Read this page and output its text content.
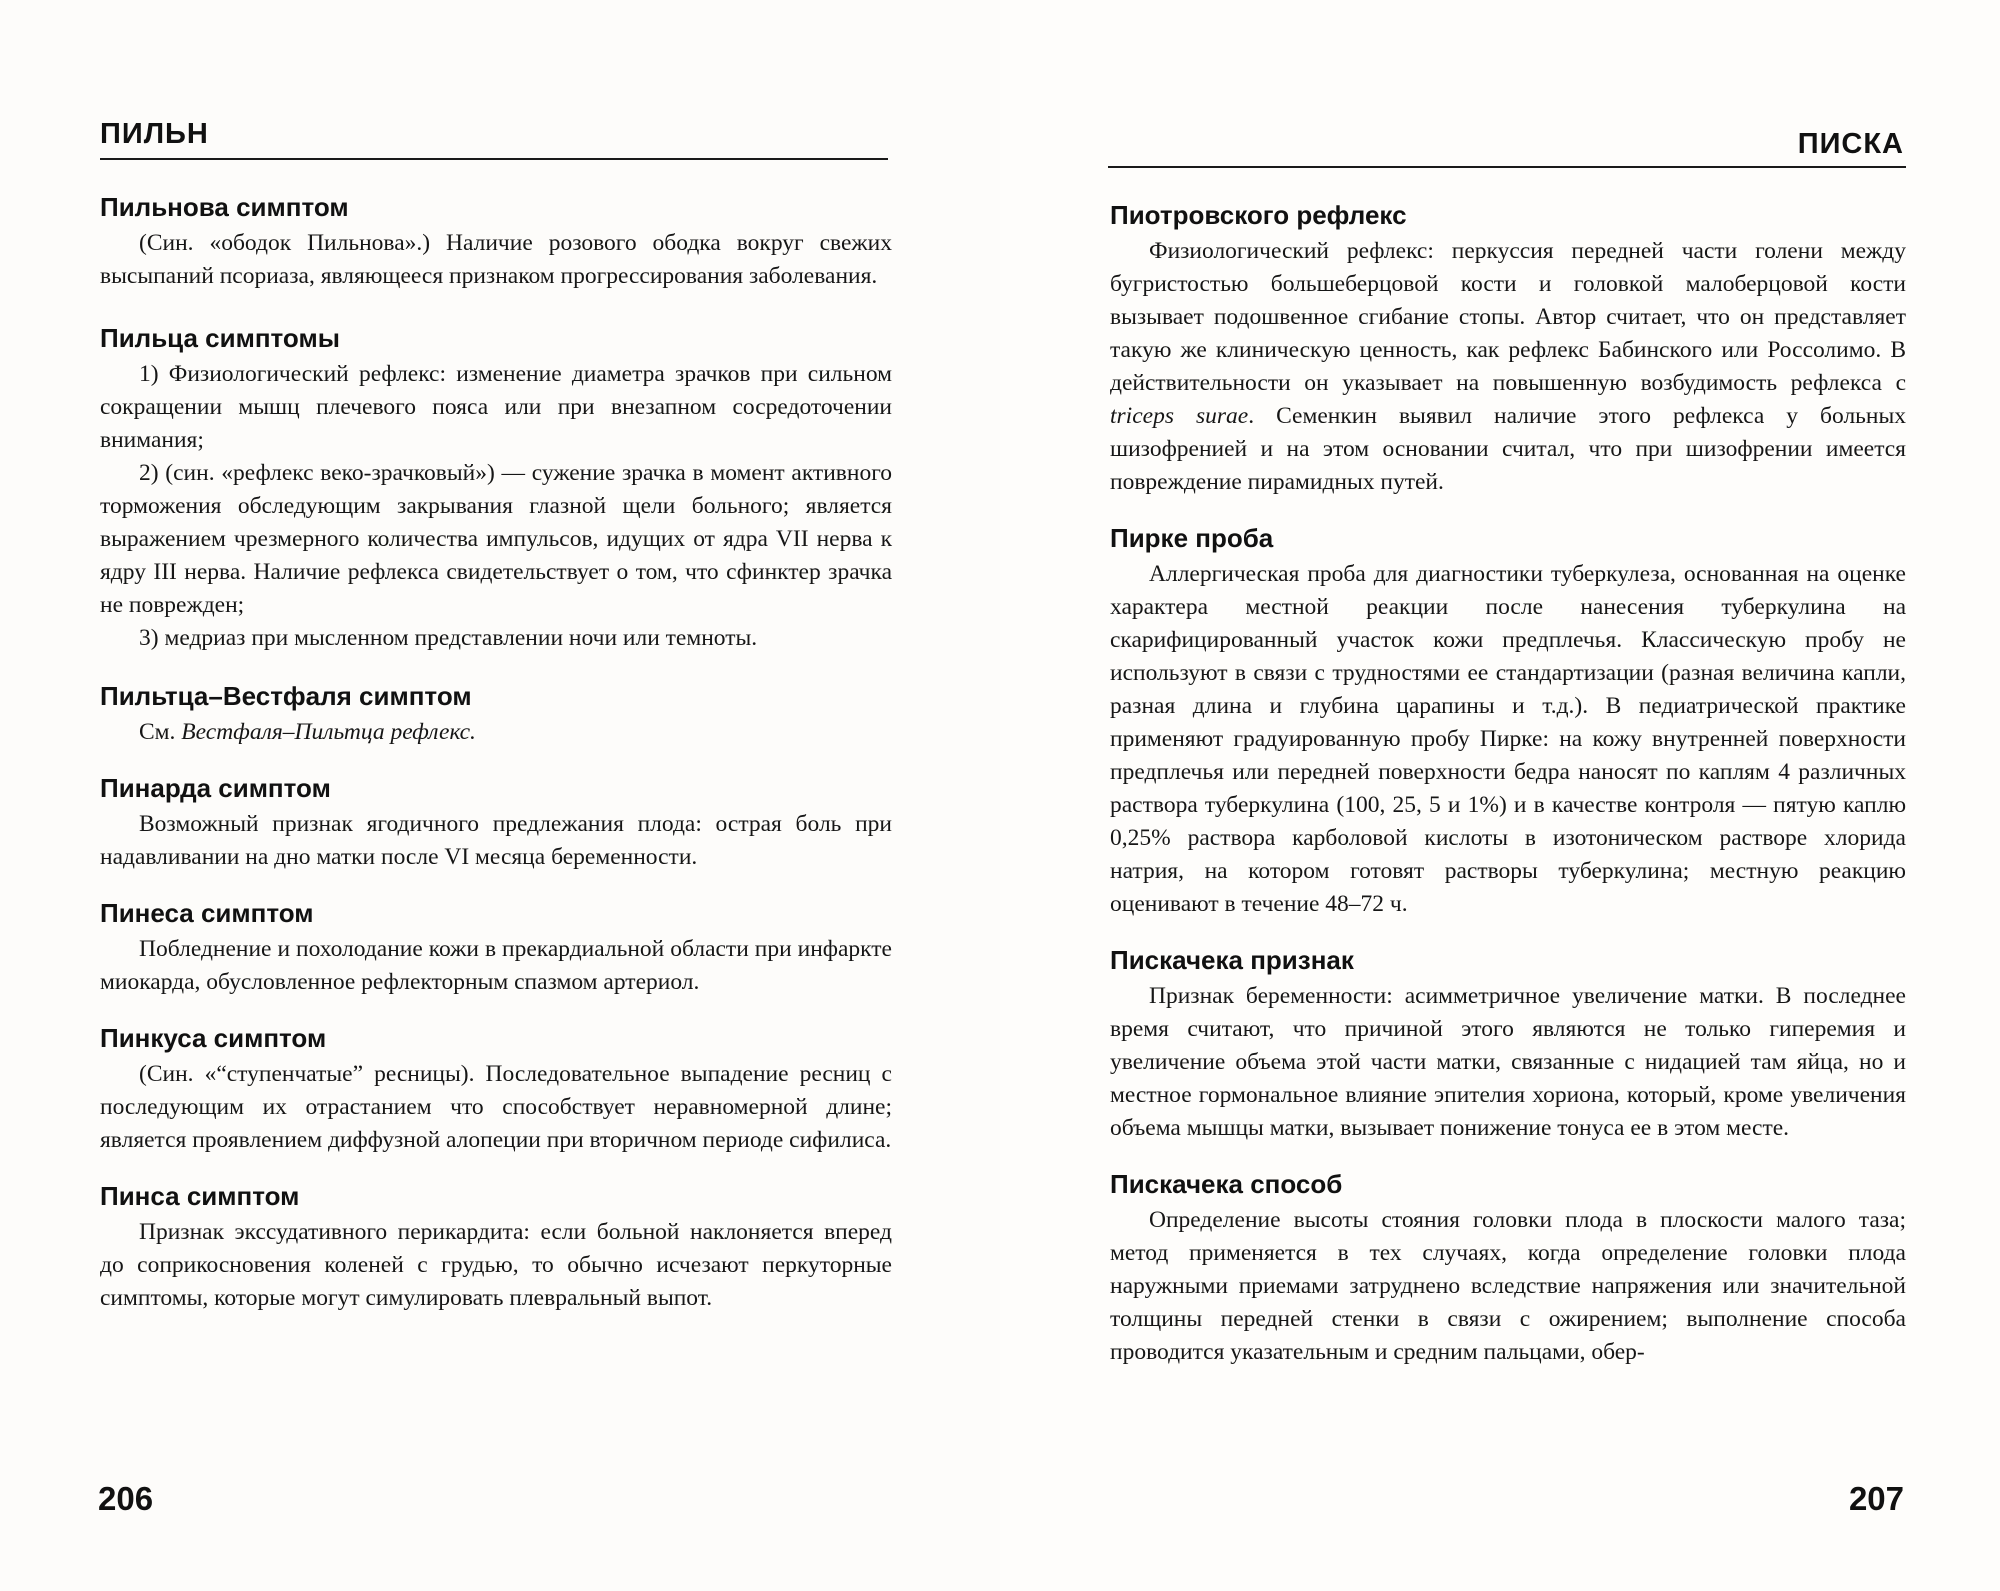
ПИЛЬН
Пильнова симптом

(Син. «ободок Пильнова».) Наличие розового ободка вокруг свежих высыпаний псориаза, являющееся признаком прогрессирования заболевания.

Пильца симптомы

1) Физиологический рефлекс: изменение диаметра зрачков при сильном сокращении мышц плечевого пояса или при внезапном сосредоточении внимания;

2) (син. «рефлекс веко-зрачковый») — сужение зрачка в момент активного торможения обследующим закрывания глазной щели больного; является выражением чрезмерного количества импульсов, идущих от ядра VII нерва к ядру III нерва. Наличие рефлекса свидетельствует о том, что сфинктер зрачка не поврежден;

3) медриаз при мысленном представлении ночи или темноты.

Пильтца–Вестфаля симптом

См. Вестфаля–Пильтца рефлекс.

Пинарда симптом

Возможный признак ягодичного предлежания плода: острая боль при надавливании на дно матки после VI месяца беременности.

Пинеса симптом

Побледнение и похолодание кожи в прекардиальной области при инфаркте миокарда, обусловленное рефлекторным спазмом артериол.

Пинкуса симптом

(Син. «“ступенчатые” ресницы). Последовательное выпадение ресниц с последующим их отрастанием что способствует неравномерной длине; является проявлением диффузной алопеции при вторичном периоде сифилиса.

Пинса симптом

Признак экссудативного перикардита: если больной наклоняется вперед до соприкосновения коленей с грудью, то обычно исчезают перкуторные симптомы, которые могут симулировать плевральный выпот.

206
ПИСКА
Пиотровского рефлекс

Физиологический рефлекс: перкуссия передней части голени между бугристостью большеберцовой кости и головкой малоберцовой кости вызывает подошвенное сгибание стопы. Автор считает, что он представляет такую же клиническую ценность, как рефлекс Бабинского или Россолимо. В действительности он указывает на повышенную возбудимость рефлекса с triceps surae. Семенкин выявил наличие этого рефлекса у больных шизофренией и на этом основании считал, что при шизофрении имеется повреждение пирамидных путей.

Пирке проба

Аллергическая проба для диагностики туберкулеза, основанная на оценке характера местной реакции после нанесения туберкулина на скарифицированный участок кожи предплечья. Классическую пробу не используют в связи с трудностями ее стандартизации (разная величина капли, разная длина и глубина царапины и т.д.). В педиатрической практике применяют градуированную пробу Пирке: на кожу внутренней поверхности предплечья или передней поверхности бедра наносят по каплям 4 различных раствора туберкулина (100, 25, 5 и 1%) и в качестве контроля — пятую каплю 0,25% раствора карболовой кислоты в изотоническом растворе хлорида натрия, на котором готовят растворы туберкулина; местную реакцию оценивают в течение 48–72 ч.

Пискачека признак

Признак беременности: асимметричное увеличение матки. В последнее время считают, что причиной этого являются не только гиперемия и увеличение объема этой части матки, связанные с нидацией там яйца, но и местное гормональное влияние эпителия хориона, который, кроме увеличения объема мышцы матки, вызывает понижение тонуса ее в этом месте.

Пискачека способ

Определение высоты стояния головки плода в плоскости малого таза; метод применяется в тех случаях, когда определение головки плода наружными приемами затруднено вследствие напряжения или значительной толщины передней стенки в связи с ожирением; выполнение способа проводится указательным и средним пальцами, обер-

207
